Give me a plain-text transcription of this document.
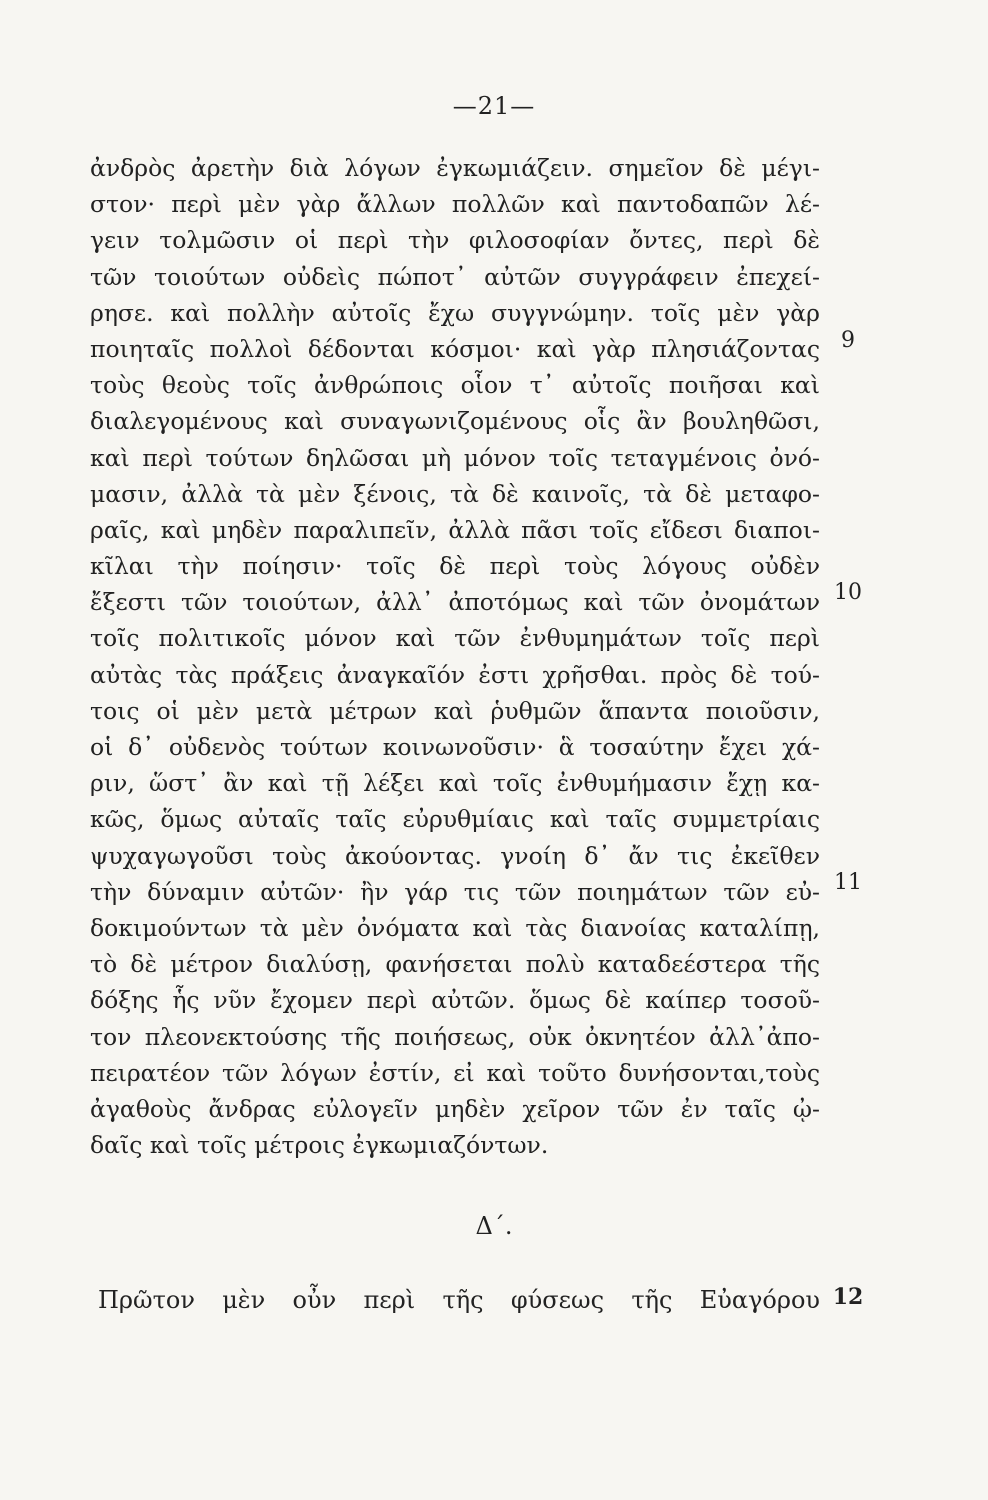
—21—
ἀνδρὸς ἀρετὴν διὰ λόγων ἐγκωμιάζειν. σημεῖον δὲ μέγι-
στον· περὶ μὲν γὰρ ἄλλων πολλῶν καὶ παντοδαπῶν λέ-
γειν τολμῶσιν οἱ περὶ τὴν φιλοσοφίαν ὄντες, περὶ δὲ
τῶν τοιούτων οὐδεὶς πώποτ᾽ αὐτῶν συγγράφειν ἐπεχεί-
ρησε. καὶ πολλὴν αὐτοῖς ἔχω συγγνώμην. τοῖς μὲν γὰρ
ποιηταῖς πολλοὶ δέδονται κόσμοι· καὶ γὰρ πλησιάζοντας
τοὺς θεοὺς τοῖς ἀνθρώποις οἷον τ᾽ αὐτοῖς ποιῆσαι καὶ
διαλεγομένους καὶ συναγωνιζομένους οἷς ἂν βουληθῶσι,
καὶ περὶ τούτων δηλῶσαι μὴ μόνον τοῖς τεταγμένοις ὀνό-
μασιν, ἀλλὰ τὰ μὲν ξένοις, τὰ δὲ καινοῖς, τὰ δὲ μεταφο-
ραῖς, καὶ μηδὲν παραλιπεῖν, ἀλλὰ πᾶσι τοῖς εἴδεσι διαποι-
κῖλαι τὴν ποίησιν· τοῖς δὲ περὶ τοὺς λόγους οὐδὲν
ἔξεστι τῶν τοιούτων, ἀλλ᾽ ἀποτόμως καὶ τῶν ὀνομάτων
τοῖς πολιτικοῖς μόνον καὶ τῶν ἐνθυμημάτων τοῖς περὶ
αὐτὰς τὰς πράξεις ἀναγκαῖόν ἐστι χρῆσθαι. πρὸς δὲ τού-
τοις οἱ μὲν μετὰ μέτρων καὶ ῥυθμῶν ἅπαντα ποιοῦσιν,
οἱ δ᾽ οὐδενὸς τούτων κοινωνοῦσιν· ἃ τοσαύτην ἔχει χά-
ριν, ὥστ᾽ ἂν καὶ τῇ λέξει καὶ τοῖς ἐνθυμήμασιν ἔχῃ κα-
κῶς, ὅμως αὐταῖς ταῖς εὐρυθμίαις καὶ ταῖς συμμετρίαις
ψυχαγωγοῦσι τοὺς ἀκούοντας. γνοίη δ᾽ ἄν τις ἐκεῖθεν
τὴν δύναμιν αὐτῶν· ἢν γάρ τις τῶν ποιημάτων τῶν εὐ-
δοκιμούντων τὰ μὲν ὀνόματα καὶ τὰς διανοίας καταλίπῃ,
τὸ δὲ μέτρον διαλύσῃ, φανήσεται πολὺ καταδεέστερα τῆς
δόξης ἧς νῦν ἔχομεν περὶ αὐτῶν. ὅμως δὲ καίπερ τοσοῦ-
τον πλεονεκτούσης τῆς ποιήσεως, οὐκ ὀκνητέον ἀλλ᾽ἀπο-
πειρατέον τῶν λόγων ἐστίν, εἰ καὶ τοῦτο δυνήσονται,τοὺς
ἀγαθοὺς ἄνδρας εὐλογεῖν μηδὲν χεῖρον τῶν ἐν ταῖς ᾠ-
δαῖς καὶ τοῖς μέτροις ἐγκωμιαζόντων.
9
10
11
Δ΄.
Πρῶτον μὲν οὖν περὶ τῆς φύσεως τῆς Εὐαγόρου 12
